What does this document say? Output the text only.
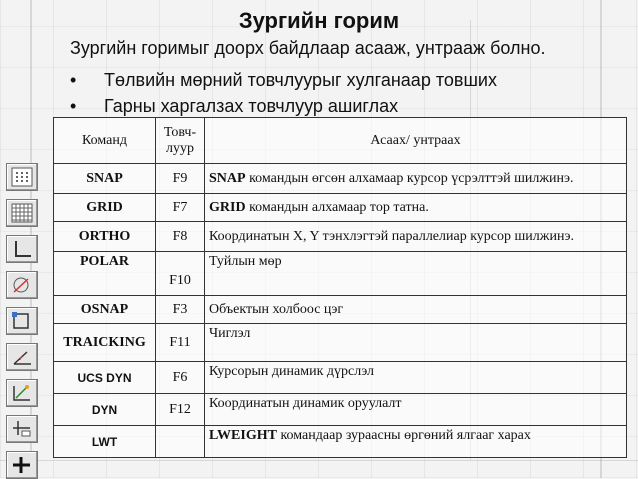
Зургийн горим
Зургийн горимыг доорх байдлаар асааж, унтрааж болно.
• Төлвийн мөрний товчлуурыг хулганаар товших
• Гарны харгалзах товчлуур ашиглах
Команд	Товч-луур	Асаах/ унтраах
SNAP	F9	SNAP командын өгсөн алхамаар курсор үсрэлттэй шилжинэ.
GRID	F7	GRID командын алхамаар тор татна.
ORTHO	F8	Координатын X, Y тэнхлэгтэй параллелиар курсор шилжинэ.
POLAR	F10	Туйлын мөр
OSNAP	F3	Объектын холбоос цэг
TRAICKING	F11	Чиглэл
UCS DYN	F6	Курсорын динамик дүрслэл
DYN	F12	Координатын динамик оруулалт
LWT		LWEIGHT командаар зураасны өргөний ялгааг харах
